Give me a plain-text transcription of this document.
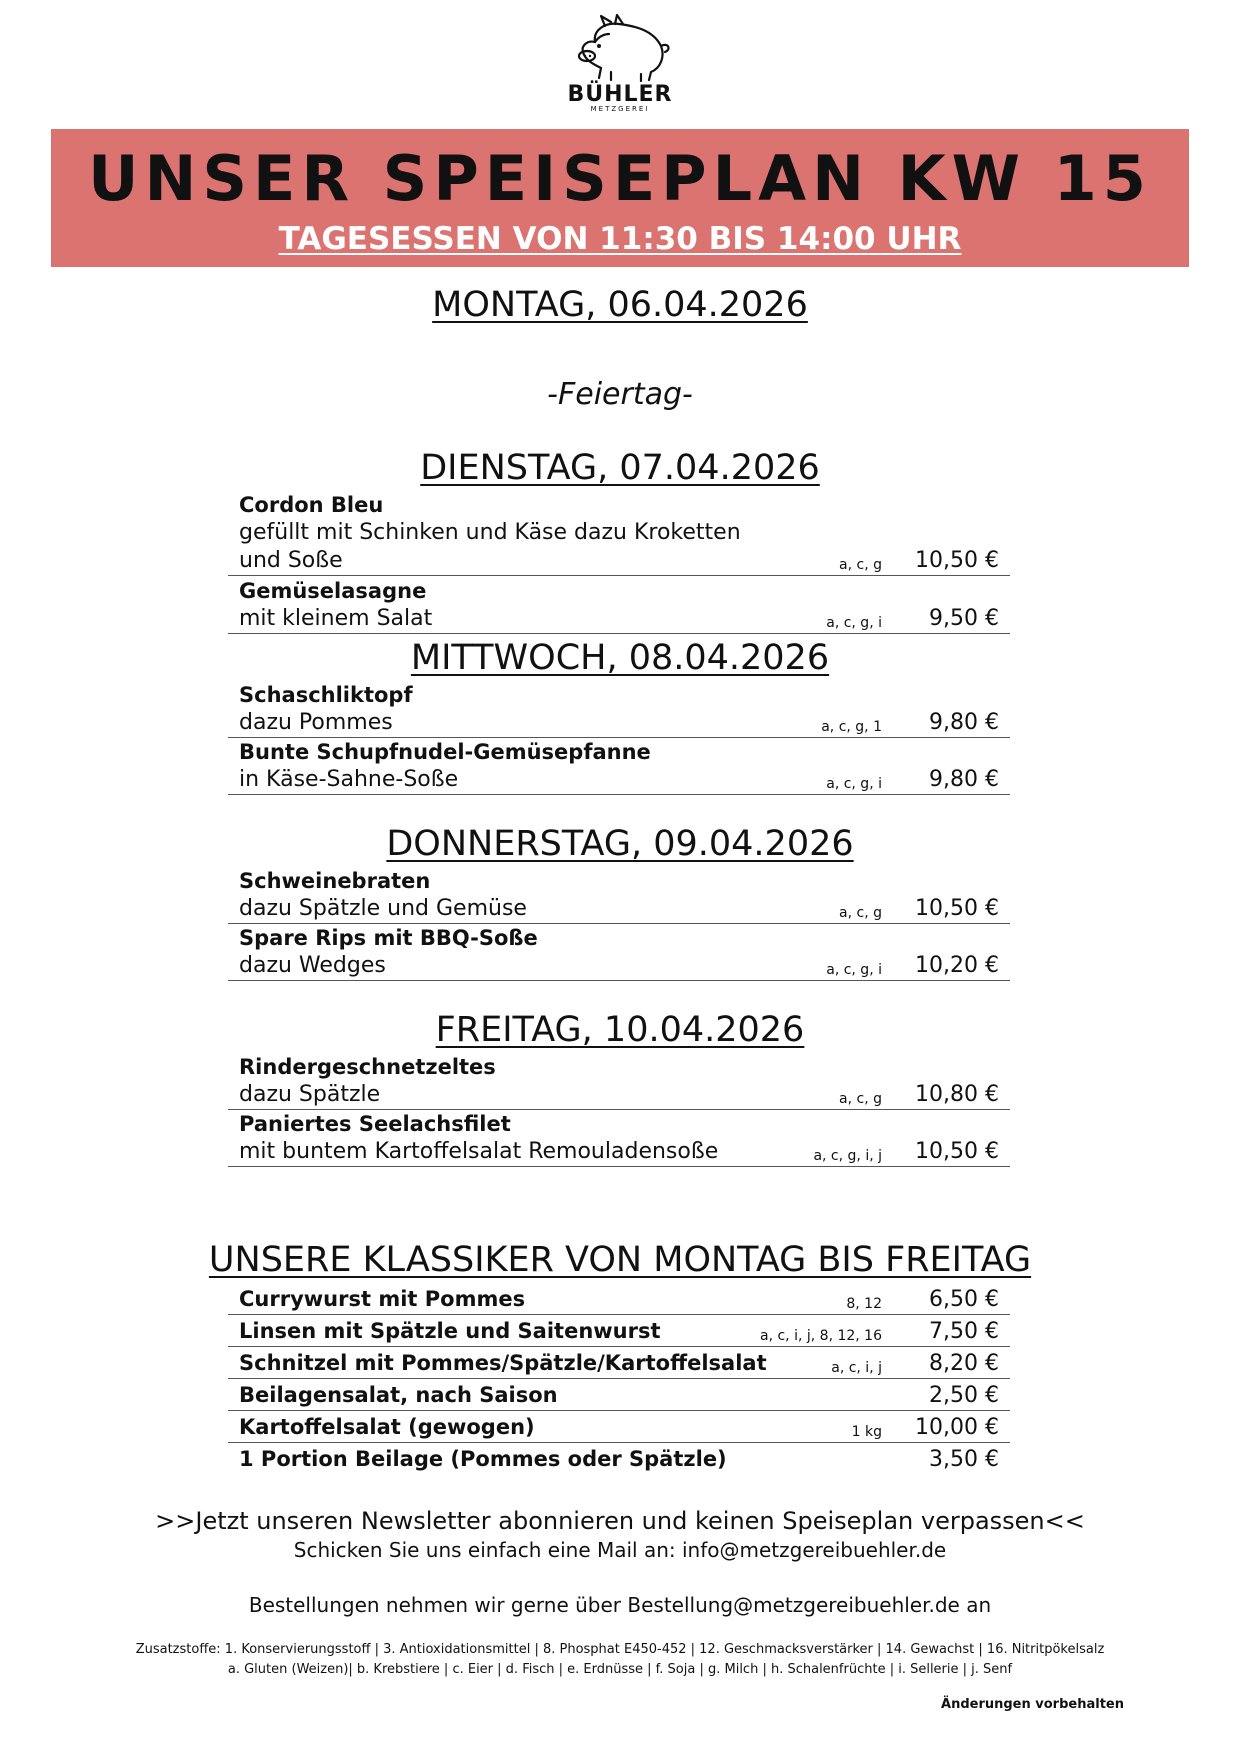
BÜHLER
METZGEREI
UNSER SPEISEPLAN KW 15
TAGESESSEN VON 11:30 BIS 14:00 UHR
MONTAG, 06.04.2026
-Feiertag-
DIENSTAG, 07.04.2026
Cordon Bleu
gefüllt mit Schinken und Käse dazu Kroketten und Soße	a, c, g 10,50 €
Gemüselasagne
mit kleinem Salat	a, c, g, i 9,50 €
MITTWOCH, 08.04.2026
Schaschliktopf
dazu Pommes	a, c, g, 1 9,80 €
Bunte Schupfnudel-Gemüsepfanne
in Käse-Sahne-Soße	a, c, g, i 9,80 €
DONNERSTAG, 09.04.2026
Schweinebraten
dazu Spätzle und Gemüse	a, c, g 10,50 €
Spare Rips mit BBQ-Soße
dazu Wedges	a, c, g, i 10,20 €
FREITAG, 10.04.2026
Rindergeschnetzeltes
dazu Spätzle	a, c, g 10,80 €
Paniertes Seelachsfilet
mit buntem Kartoffelsalat Remouladensoße	a, c, g, i, j 10,50 €
UNSERE KLASSIKER VON MONTAG BIS FREITAG
Currywurst mit Pommes	8, 12 6,50 €
Linsen mit Spätzle und Saitenwurst	a, c, i, j, 8, 12, 16 7,50 €
Schnitzel mit Pommes/Spätzle/Kartoffelsalat	a, c, i, j 8,20 €
Beilagensalat, nach Saison	2,50 €
Kartoffelsalat (gewogen)	1 kg 10,00 €
1 Portion Beilage (Pommes oder Spätzle)	3,50 €
>>Jetzt unseren Newsletter abonnieren und keinen Speiseplan verpassen<<
Schicken Sie uns einfach eine Mail an: info@metzgereibuehler.de
Bestellungen nehmen wir gerne über Bestellung@metzgereibuehler.de an
Zusatzstoffe: 1. Konservierungsstoff | 3. Antioxidationsmittel | 8. Phosphat E450-452 | 12. Geschmacksverstärker | 14. Gewachst | 16. Nitritpökelsalz
a. Gluten (Weizen)| b. Krebstiere | c. Eier | d. Fisch | e. Erdnüsse | f. Soja | g. Milch | h. Schalenfrüchte | i. Sellerie | j. Senf
Änderungen vorbehalten
